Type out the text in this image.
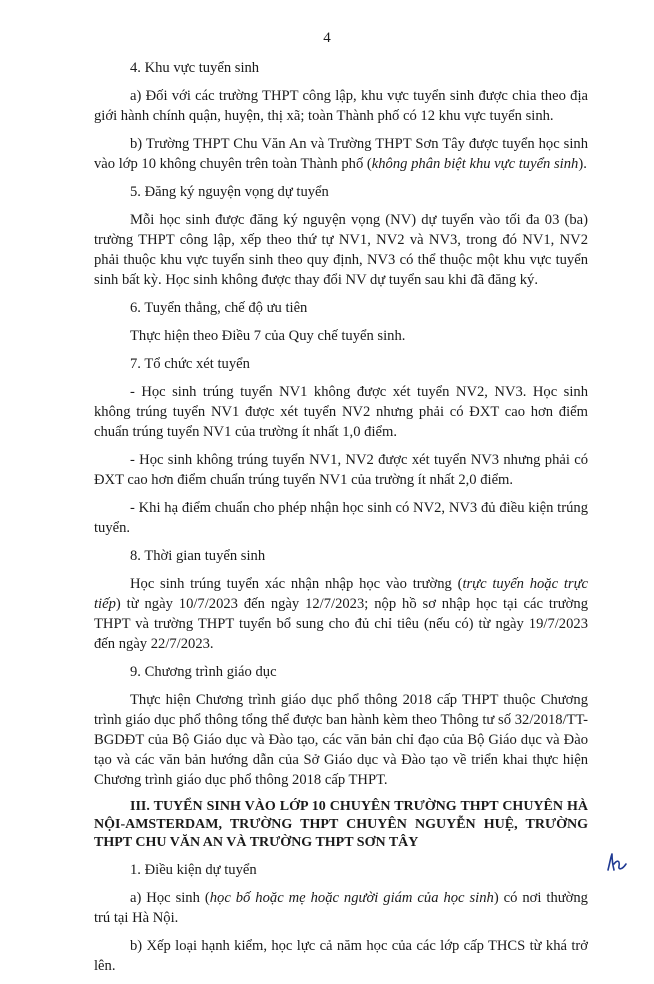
4

4. Khu vực tuyển sinh

a) Đối với các trường THPT công lập, khu vực tuyển sinh được chia theo địa giới hành chính quận, huyện, thị xã; toàn Thành phố có 12 khu vực tuyển sinh.

b) Trường THPT Chu Văn An và Trường THPT Sơn Tây được tuyển học sinh vào lớp 10 không chuyên trên toàn Thành phố (không phân biệt khu vực tuyển sinh).

5. Đăng ký nguyện vọng dự tuyển

Mỗi học sinh được đăng ký nguyện vọng (NV) dự tuyển vào tối đa 03 (ba) trường THPT công lập, xếp theo thứ tự NV1, NV2 và NV3, trong đó NV1, NV2 phải thuộc khu vực tuyển sinh theo quy định, NV3 có thể thuộc một khu vực tuyển sinh bất kỳ. Học sinh không được thay đổi NV dự tuyển sau khi đã đăng ký.

6. Tuyển thẳng, chế độ ưu tiên

Thực hiện theo Điều 7 của Quy chế tuyển sinh.

7. Tổ chức xét tuyển

- Học sinh trúng tuyển NV1 không được xét tuyển NV2, NV3. Học sinh không trúng tuyển NV1 được xét tuyển NV2 nhưng phải có ĐXT cao hơn điểm chuẩn trúng tuyển NV1 của trường ít nhất 1,0 điểm.

- Học sinh không trúng tuyển NV1, NV2 được xét tuyển NV3 nhưng phải có ĐXT cao hơn điểm chuẩn trúng tuyển NV1 của trường ít nhất 2,0 điểm.

- Khi hạ điểm chuẩn cho phép nhận học sinh có NV2, NV3 đủ điều kiện trúng tuyển.

8. Thời gian tuyển sinh

Học sinh trúng tuyển xác nhận nhập học vào trường (trực tuyến hoặc trực tiếp) từ ngày 10/7/2023 đến ngày 12/7/2023; nộp hồ sơ nhập học tại các trường THPT và trường THPT tuyển bổ sung cho đủ chỉ tiêu (nếu có) từ ngày 19/7/2023 đến ngày 22/7/2023.

9. Chương trình giáo dục

Thực hiện Chương trình giáo dục phổ thông 2018 cấp THPT thuộc Chương trình giáo dục phổ thông tổng thể được ban hành kèm theo Thông tư số 32/2018/TT-BGDĐT của Bộ Giáo dục và Đào tạo, các văn bản chỉ đạo của Bộ Giáo dục và Đào tạo và các văn bản hướng dẫn của Sở Giáo dục và Đào tạo về triển khai thực hiện Chương trình giáo dục phổ thông 2018 cấp THPT.

III. TUYỂN SINH VÀO LỚP 10 CHUYÊN TRƯỜNG THPT CHUYÊN HÀ NỘI-AMSTERDAM, TRƯỜNG THPT CHUYÊN NGUYỄN HUỆ, TRƯỜNG THPT CHU VĂN AN VÀ TRƯỜNG THPT SƠN TÂY

1. Điều kiện dự tuyển

a) Học sinh (học bố hoặc mẹ hoặc người giám của học sinh) có nơi thường trú tại Hà Nội.

b) Xếp loại hạnh kiểm, học lực cả năm học của các lớp cấp THCS từ khá trở lên.
